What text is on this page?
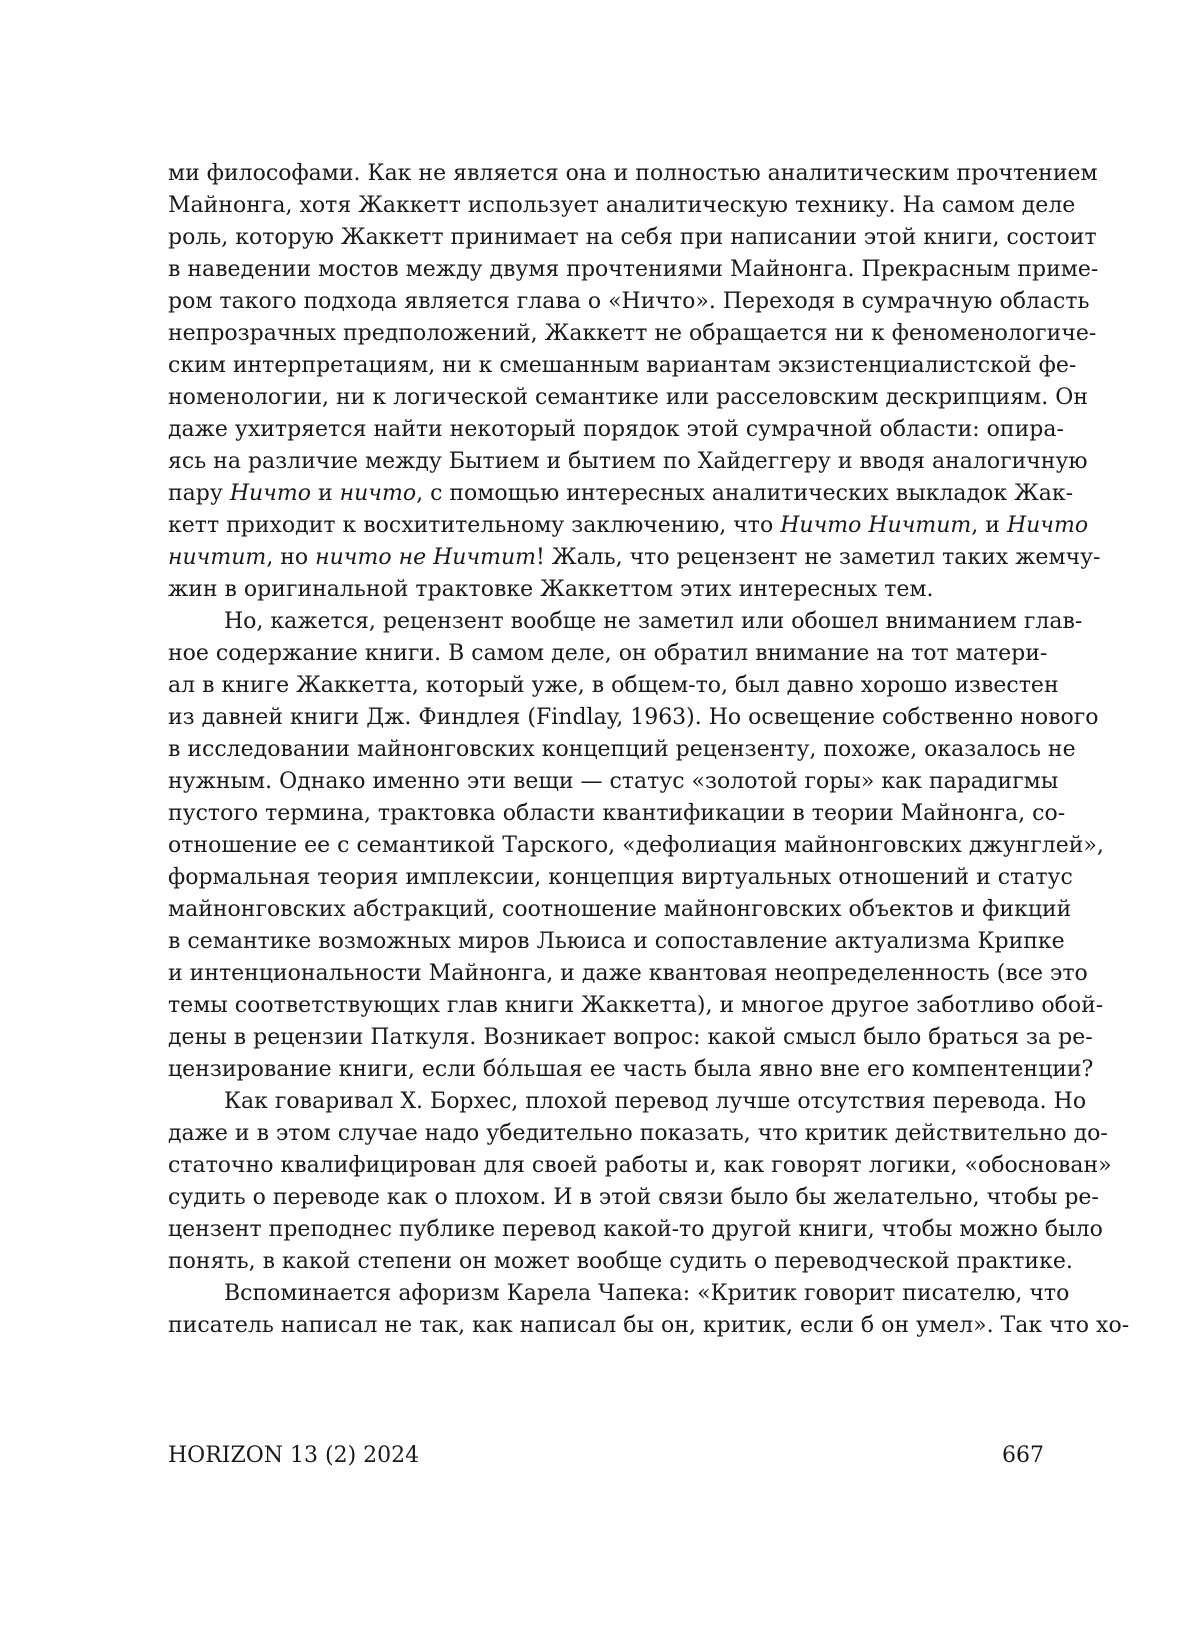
ми философами. Как не является она и полностью аналитическим прочтением
Майнонга, хотя Жаккетт использует аналитическую технику. На самом деле
роль, которую Жаккетт принимает на себя при написании этой книги, состоит
в наведении мостов между двумя прочтениями Майнонга. Прекрасным приме-
ром такого подхода является глава о «Ничто». Переходя в сумрачную область
непрозрачных предположений, Жаккетт не обращается ни к феноменологиче-
ским интерпретациям, ни к смешанным вариантам экзистенциалистской фе-
номенологии, ни к логической семантике или расселовским дескрипциям. Он
даже ухитряется найти некоторый порядок этой сумрачной области: опира-
ясь на различие между Бытием и бытием по Хайдеггеру и вводя аналогичную
пару Ничто и ничто, с помощью интересных аналитических выкладок Жак-
кетт приходит к восхитительному заключению, что Ничто Ничтит, и Ничто
ничтит, но ничто не Ничтит! Жаль, что рецензент не заметил таких жемчу-
жин в оригинальной трактовке Жаккеттом этих интересных тем.
Но, кажется, рецензент вообще не заметил или обошел вниманием глав-
ное содержание книги. В самом деле, он обратил внимание на тот матери-
ал в книге Жаккетта, который уже, в общем-то, был давно хорошо известен
из давней книги Дж. Финдлея (Findlay, 1963). Но освещение собственно нового
в исследовании майнонговских концепций рецензенту, похоже, оказалось не
нужным. Однако именно эти вещи — статус «золотой горы» как парадигмы
пустого термина, трактовка области квантификации в теории Майнонга, со-
отношение ее с семантикой Тарского, «дефолиация майнонговских джунглей»,
формальная теория имплексии, концепция виртуальных отношений и статус
майнонговских абстракций, соотношение майнонговских объектов и фикций
в семантике возможных миров Льюиса и сопоставление актуализма Крипке
и интенциональности Майнонга, и даже квантовая неопределенность (все это
темы соответствующих глав книги Жаккетта), и многое другое заботливо обой-
дены в рецензии Паткуля. Возникает вопрос: какой смысл было браться за ре-
цензирование книги, если бóльшая ее часть была явно вне его компентенции?
Как говаривал Х. Борхес, плохой перевод лучше отсутствия перевода. Но
даже и в этом случае надо убедительно показать, что критик действительно до-
статочно квалифицирован для своей работы и, как говорят логики, «обоснован»
судить о переводе как о плохом. И в этой связи было бы желательно, чтобы ре-
цензент преподнес публике перевод какой-то другой книги, чтобы можно было
понять, в какой степени он может вообще судить о переводческой практике.
Вспоминается афоризм Карела Чапека: «Критик говорит писателю, что
писатель написал не так, как написал бы он, критик, если б он умел». Так что хо-
HORIZON 13 (2) 2024	667
